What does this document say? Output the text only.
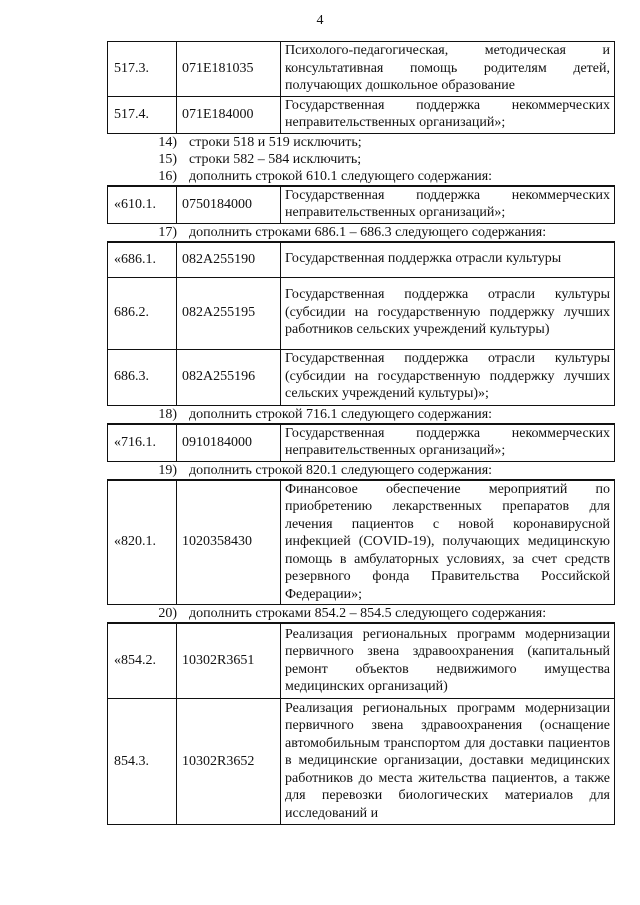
4
517.3.	071E181035	Психолого-педагогическая, методическая и консультативная помощь родителям детей, получающих дошкольное образование
517.4.	071E184000	Государственная поддержка некоммерческих неправительственных организаций»;
14) строки 518 и 519 исключить;
15) строки 582 – 584 исключить;
16) дополнить строкой 610.1 следующего содержания:
«610.1.	0750184000	Государственная поддержка некоммерческих неправительственных организаций»;
17) дополнить строками 686.1 – 686.3 следующего содержания:
«686.1.	082A255190	Государственная поддержка отрасли культуры
686.2.	082A255195	Государственная поддержка отрасли культуры (субсидии на государственную поддержку лучших работников сельских учреждений культуры)
686.3.	082A255196	Государственная поддержка отрасли культуры (субсидии на государственную поддержку лучших сельских учреждений культуры)»;
18) дополнить строкой 716.1 следующего содержания:
«716.1.	0910184000	Государственная поддержка некоммерческих неправительственных организаций»;
19) дополнить строкой 820.1 следующего содержания:
«820.1.	1020358430	Финансовое обеспечение мероприятий по приобретению лекарственных препаратов для лечения пациентов с новой коронавирусной инфекцией (COVID-19), получающих медицинскую помощь в амбулаторных условиях, за счет средств резервного фонда Правительства Российской Федерации»;
20) дополнить строками 854.2 – 854.5 следующего содержания:
«854.2.	10302R3651	Реализация региональных программ модернизации первичного звена здравоохранения (капитальный ремонт объектов недвижимого имущества медицинских организаций)
854.3.	10302R3652	Реализация региональных программ модернизации первичного звена здравоохранения (оснащение автомобильным транспортом для доставки пациентов в медицинские организации, доставки медицинских работников до места жительства пациентов, а также для перевозки биологических материалов для исследований и
